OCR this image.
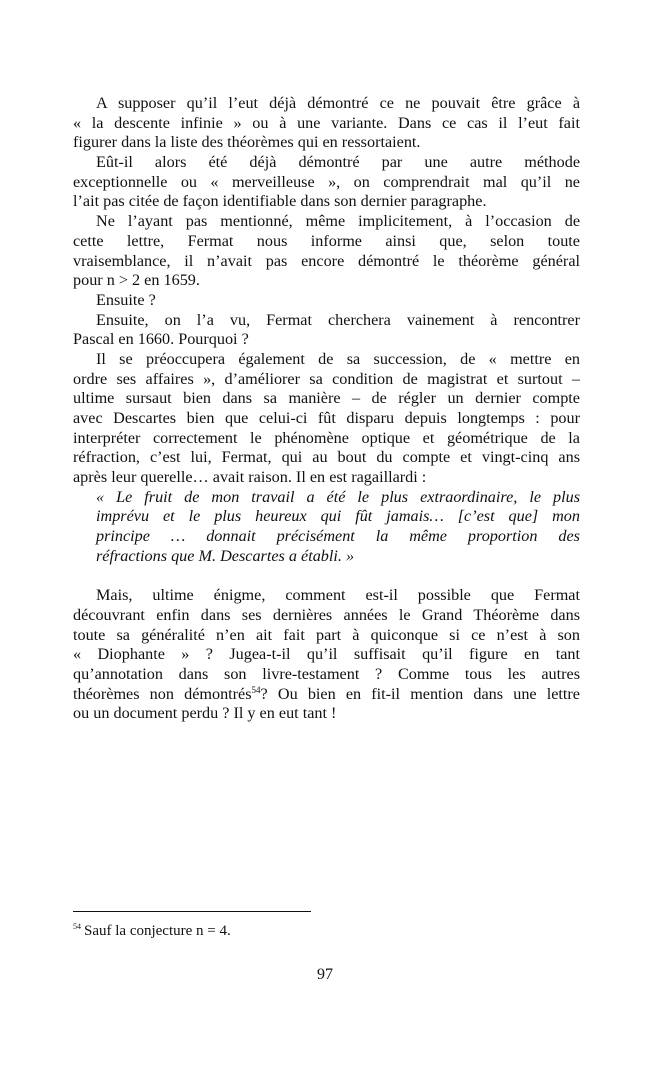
A supposer qu’il l’eut déjà démontré ce ne pouvait être grâce à
« la descente infinie » ou à une variante. Dans ce cas il l’eut fait
figurer dans la liste des théorèmes qui en ressortaient.
Eût-il alors été déjà démontré par une autre méthode
exceptionnelle ou « merveilleuse », on comprendrait mal qu’il ne
l’ait pas citée de façon identifiable dans son dernier paragraphe.
Ne l’ayant pas mentionné, même implicitement, à l’occasion de
cette lettre, Fermat nous informe ainsi que, selon toute
vraisemblance, il n’avait pas encore démontré le théorème général
pour n > 2 en 1659.
Ensuite ?
Ensuite, on l’a vu, Fermat cherchera vainement à rencontrer
Pascal en 1660. Pourquoi ?
Il se préoccupera également de sa succession, de « mettre en
ordre ses affaires », d’améliorer sa condition de magistrat et surtout –
ultime sursaut bien dans sa manière – de régler un dernier compte
avec Descartes bien que celui-ci fût disparu depuis longtemps : pour
interpréter correctement le phénomène optique et géométrique de la
réfraction, c’est lui, Fermat, qui au bout du compte et vingt-cinq ans
après leur querelle… avait raison. Il en est ragaillardi :
« Le fruit de mon travail a été le plus extraordinaire, le plus
imprévu et le plus heureux qui fût jamais… [c’est que] mon
principe … donnait précisément la même proportion des
réfractions que M. Descartes a établi. »
Mais, ultime énigme, comment est-il possible que Fermat
découvrant enfin dans ses dernières années le Grand Théorème dans
toute sa généralité n’en ait fait part à quiconque si ce n’est à son
« Diophante » ? Jugea-t-il qu’il suffisait qu’il figure en tant
qu’annotation dans son livre-testament ? Comme tous les autres
théorèmes non démontrés$^{54}$? Ou bien en fit-il mention dans une lettre
ou un document perdu ? Il y en eut tant !
$^{54}$ Sauf la conjecture n = 4.
97
